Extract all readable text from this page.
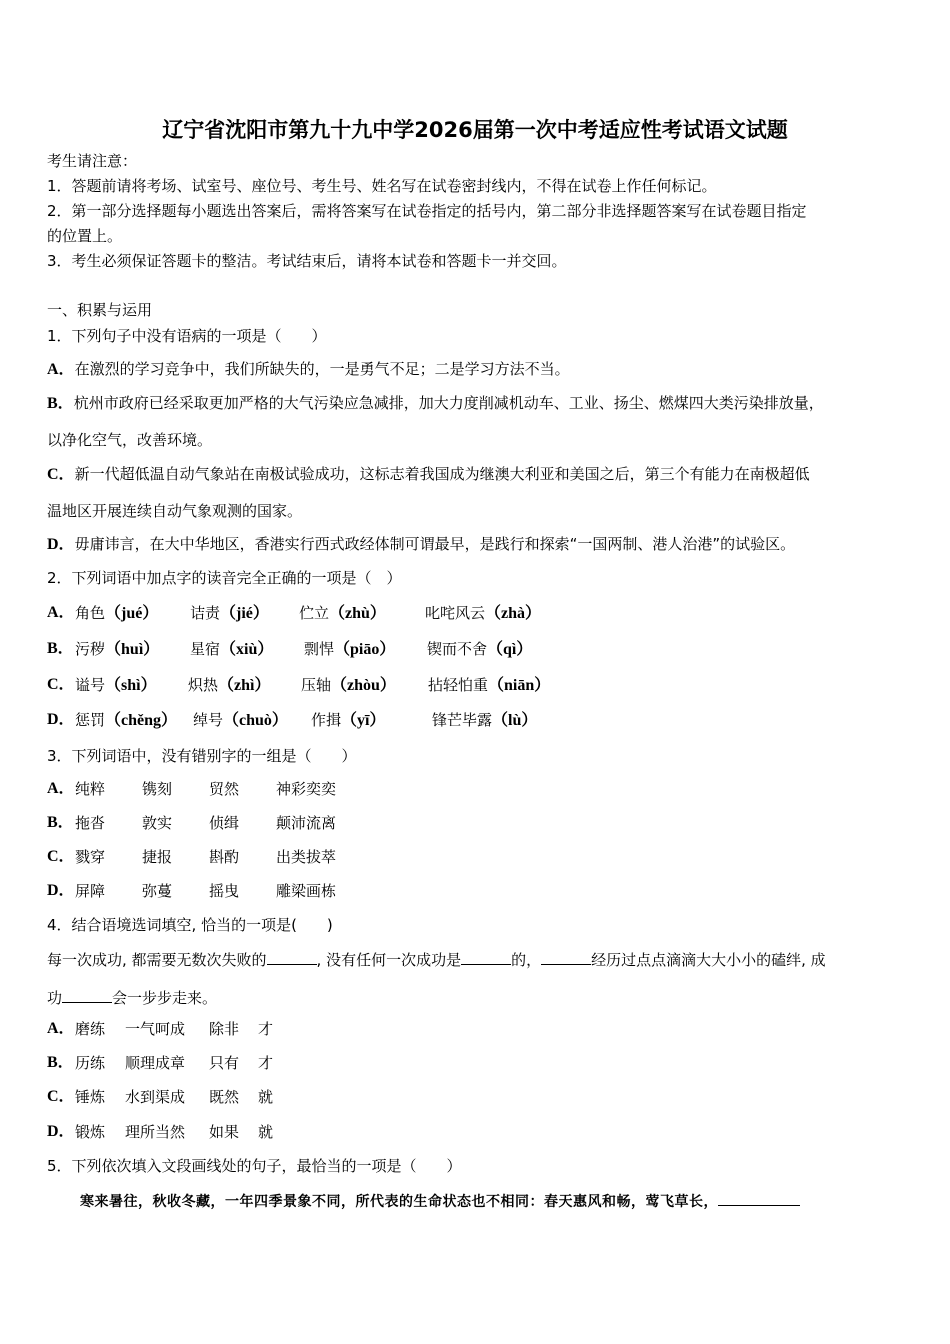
辽宁省沈阳市第九十九中学2026届第一次中考适应性考试语文试题
考生请注意：
1．答题前请将考场、试室号、座位号、考生号、姓名写在试卷密封线内，不得在试卷上作任何标记。
2．第一部分选择题每小题选出答案后，需将答案写在试卷指定的括号内，第二部分非选择题答案写在试卷题目指定
的位置上。
3．考生必须保证答题卡的整洁。考试结束后，请将本试卷和答题卡一并交回。
一、积累与运用
1．下列句子中没有语病的一项是（　　）
A．在激烈的学习竞争中，我们所缺失的，一是勇气不足；二是学习方法不当。
B．杭州市政府已经采取更加严格的大气污染应急减排，加大力度削减机动车、工业、扬尘、燃煤四大类污染排放量，
以净化空气，改善环境。
C．新一代超低温自动气象站在南极试验成功，这标志着我国成为继澳大利亚和美国之后，第三个有能力在南极超低
温地区开展连续自动气象观测的国家。
D．毋庸讳言，在大中华地区，香港实行西式政经体制可谓最早，是践行和探索“一国两制、港人治港”的试验区。
2．下列词语中加点字的读音完全正确的一项是（　）
A． 角色（jué） 诘责（jié） 伫立（zhù）	叱咤风云（zhà）
B． 污秽（huì） 星宿（xiù） 剽悍（piāo） 锲而不舍（qì）
C． 谥号（shì） 炽热（zhì） 压轴（zhòu） 拈轻怕重（niān）
D． 惩罚（chěng） 绰号（chuò） 作揖（yī）	锋芒毕露（lù）
3．下列词语中，没有错别字的一组是（　　）
A． 纯粹 镌刻 贸然 神彩奕奕
B． 拖沓 敦实 侦缉 颠沛流离
C． 戮穿 捷报 斟酌 出类拔萃
D． 屏障 弥蔓 摇曳 雕梁画栋
4．结合语境选词填空, 恰当的一项是(　　)
每一次成功, 都需要无数次失败的	, 没有任何一次成功是	的，	经历过点点滴滴大大小小的磕绊, 成
功	会一步步走来。
A． 磨练 一气呵成 除非 才
B． 历练 顺理成章 只有 才
C． 锤炼 水到渠成 既然 就
D． 锻炼 理所当然 如果 就
5．下列依次填入文段画线处的句子，最恰当的一项是（　　）
寒来暑往，秋收冬藏，一年四季景象不同，所代表的生命状态也不相同：春天惠风和畅，莺飞草长，
